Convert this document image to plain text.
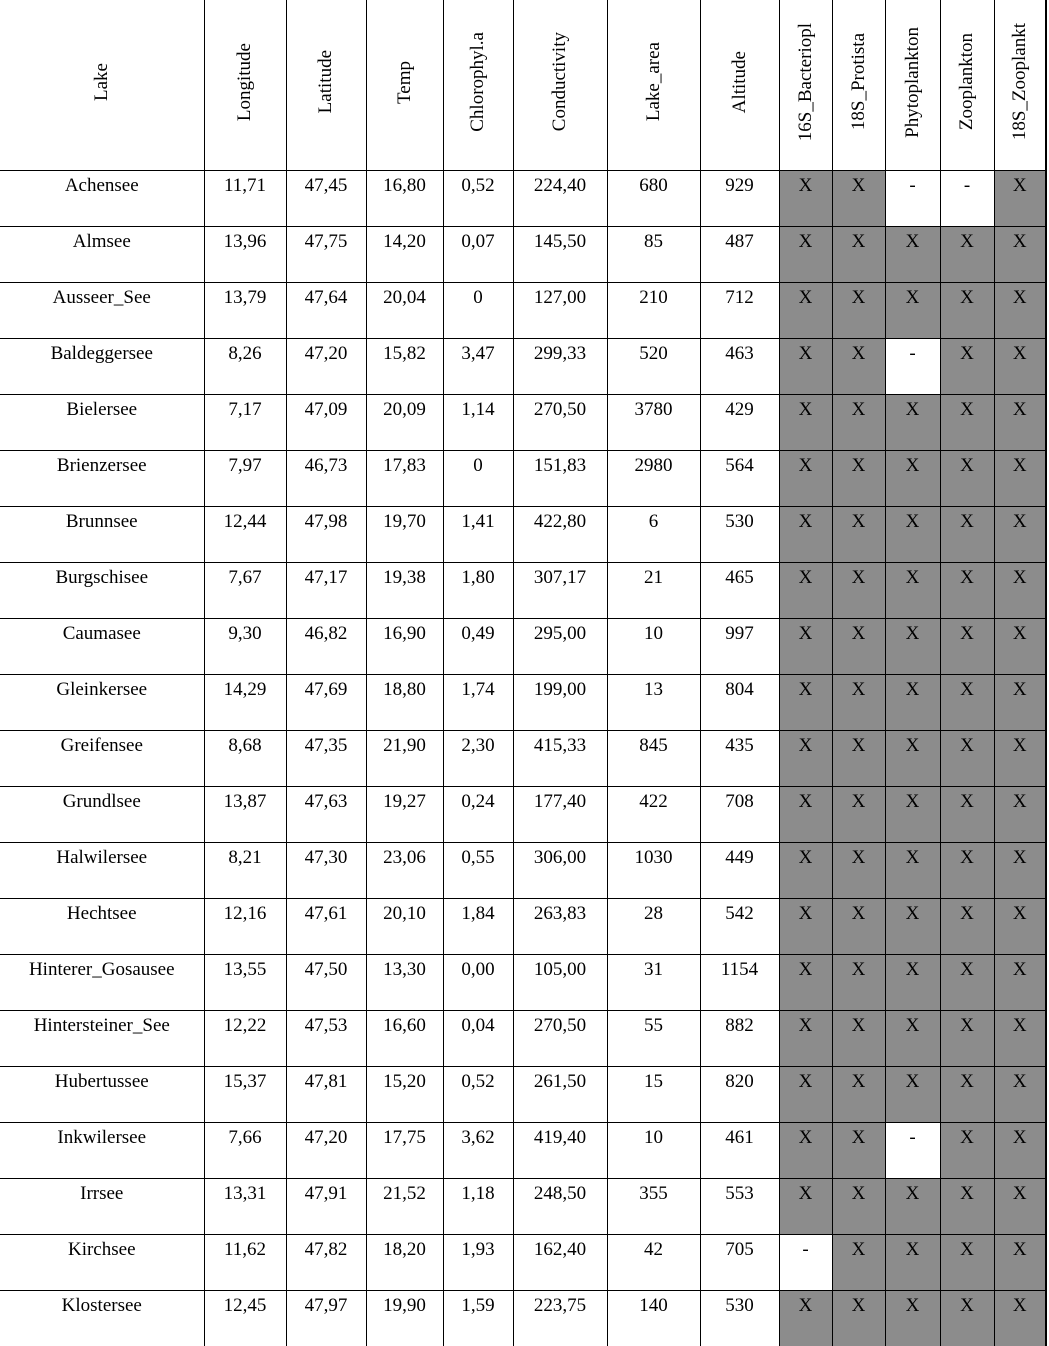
Lake	Longitude	Latitude	Temp	Chlorophyl.a	Conductivity	Lake_area	Altitude	16S_Bacteriopl	18S_Protista	Phytoplankton	Zooplankton	18S_Zooplankt
Achensee	11,71	47,45	16,80	0,52	224,40	680	929	X	X	-	-	X
Almsee	13,96	47,75	14,20	0,07	145,50	85	487	X	X	X	X	X
Ausseer_See	13,79	47,64	20,04	0	127,00	210	712	X	X	X	X	X
Baldeggersee	8,26	47,20	15,82	3,47	299,33	520	463	X	X	-	X	X
Bielersee	7,17	47,09	20,09	1,14	270,50	3780	429	X	X	X	X	X
Brienzersee	7,97	46,73	17,83	0	151,83	2980	564	X	X	X	X	X
Brunnsee	12,44	47,98	19,70	1,41	422,80	6	530	X	X	X	X	X
Burgschisee	7,67	47,17	19,38	1,80	307,17	21	465	X	X	X	X	X
Caumasee	9,30	46,82	16,90	0,49	295,00	10	997	X	X	X	X	X
Gleinkersee	14,29	47,69	18,80	1,74	199,00	13	804	X	X	X	X	X
Greifensee	8,68	47,35	21,90	2,30	415,33	845	435	X	X	X	X	X
Grundlsee	13,87	47,63	19,27	0,24	177,40	422	708	X	X	X	X	X
Halwilersee	8,21	47,30	23,06	0,55	306,00	1030	449	X	X	X	X	X
Hechtsee	12,16	47,61	20,10	1,84	263,83	28	542	X	X	X	X	X
Hinterer_Gosausee	13,55	47,50	13,30	0,00	105,00	31	1154	X	X	X	X	X
Hintersteiner_See	12,22	47,53	16,60	0,04	270,50	55	882	X	X	X	X	X
Hubertussee	15,37	47,81	15,20	0,52	261,50	15	820	X	X	X	X	X
Inkwilersee	7,66	47,20	17,75	3,62	419,40	10	461	X	X	-	X	X
Irrsee	13,31	47,91	21,52	1,18	248,50	355	553	X	X	X	X	X
Kirchsee	11,62	47,82	18,20	1,93	162,40	42	705	-	X	X	X	X
Klostersee	12,45	47,97	19,90	1,59	223,75	140	530	X	X	X	X	X
